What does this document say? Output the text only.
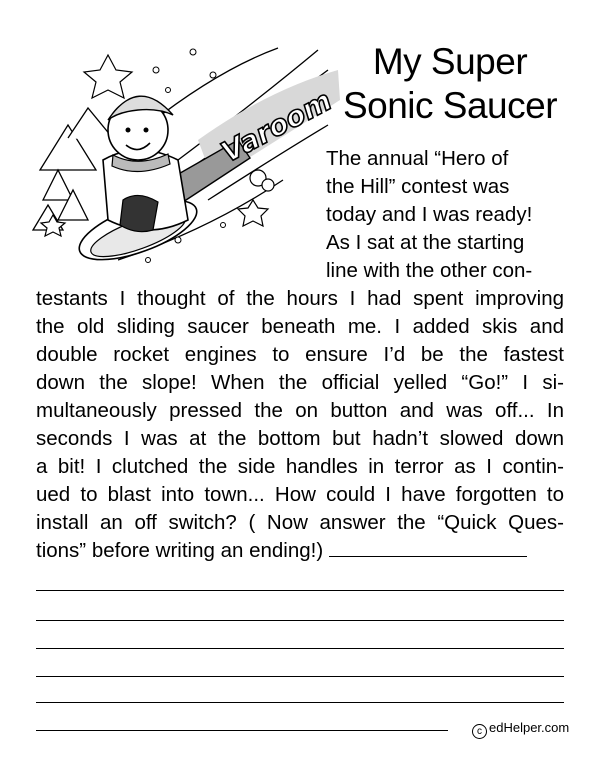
Varoom
My Super
Sonic Saucer
The annual “Hero of
the Hill” contest was
today and I was ready!
As I sat at the starting
line with the other con-
testants I thought of the hours I had spent improving
the old sliding saucer beneath me. I added skis and
double rocket engines to ensure I’d be the fastest
down the slope! When the official yelled “Go!” I si-
multaneously pressed the on button and was off... In
seconds I was at the bottom but hadn’t slowed down
a bit! I clutched the side handles in terror as I contin-
ued to blast into town... How could I have forgotten to
install an off switch? ( Now answer the “Quick Ques-
tions” before writing an ending!)
c edHelper.com
